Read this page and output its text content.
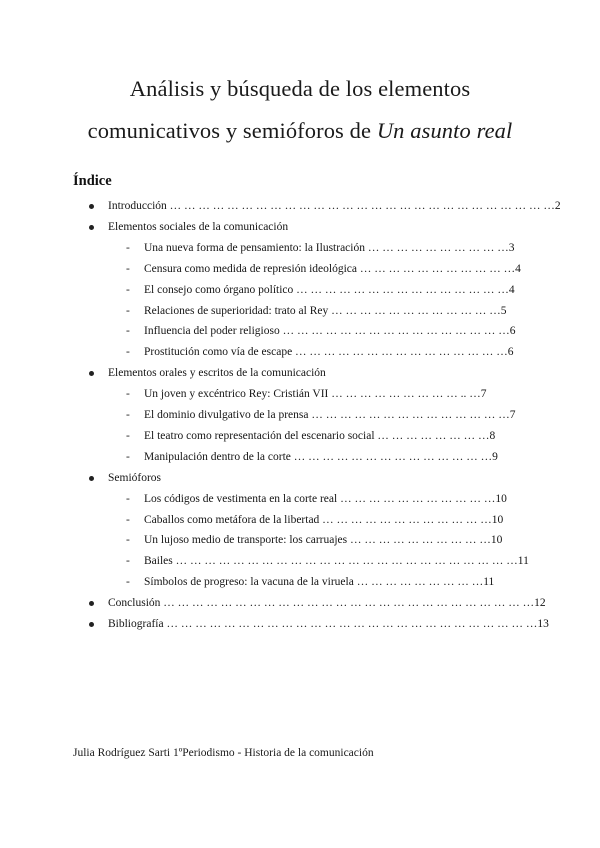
Análisis y búsqueda de los elementos
comunicativos y semióforos de Un asunto real
Índice
Introducción … … … … … … … … … … … … … … … … … … … … … … … … … … …2
Elementos sociales de la comunicación
- Una nueva forma de pensamiento: la Ilustración … … … … … … … … … …3
- Censura como medida de represión ideológica … … … … … … … … … … …4
- El consejo como órgano político … … … … … … … … … … … … … … …4
- Relaciones de superioridad: trato al Rey … … … … … … … … … … … …5
- Influencia del poder religioso … … … … … … … … … … … … … … … …6
- Prostitución como vía de escape … … … … … … … … … … … … … … …6
Elementos orales y escritos de la comunicación
- Un joven y excéntrico Rey: Cristián VII … … … … … … … … … .. …7
- El dominio divulgativo de la prensa … … … … … … … … … … … … … …7
- El teatro como representación del escenario social … … … … … … … …8
- Manipulación dentro de la corte … … … … … … … … … … … … … …9
Semióforos
- Los códigos de vestimenta en la corte real … … … … … … … … … … …10
- Caballos como metáfora de la libertad … … … … … … … … … … … …10
- Un lujoso medio de transporte: los carruajes … … … … … … … … … …10
- Bailes … … … … … … … … … … … … … … … … … … … … … … … …11
- Símbolos de progreso: la vacuna de la viruela … … … … … … … … …11
Conclusión … … … … … … … … … … … … … … … … … … … … … … … … … …12
Bibliografía … … … … … … … … … … … … … … … … … … … … … … … … … …13
Julia Rodríguez Sarti 1ºPeriodismo - Historia de la comunicación
